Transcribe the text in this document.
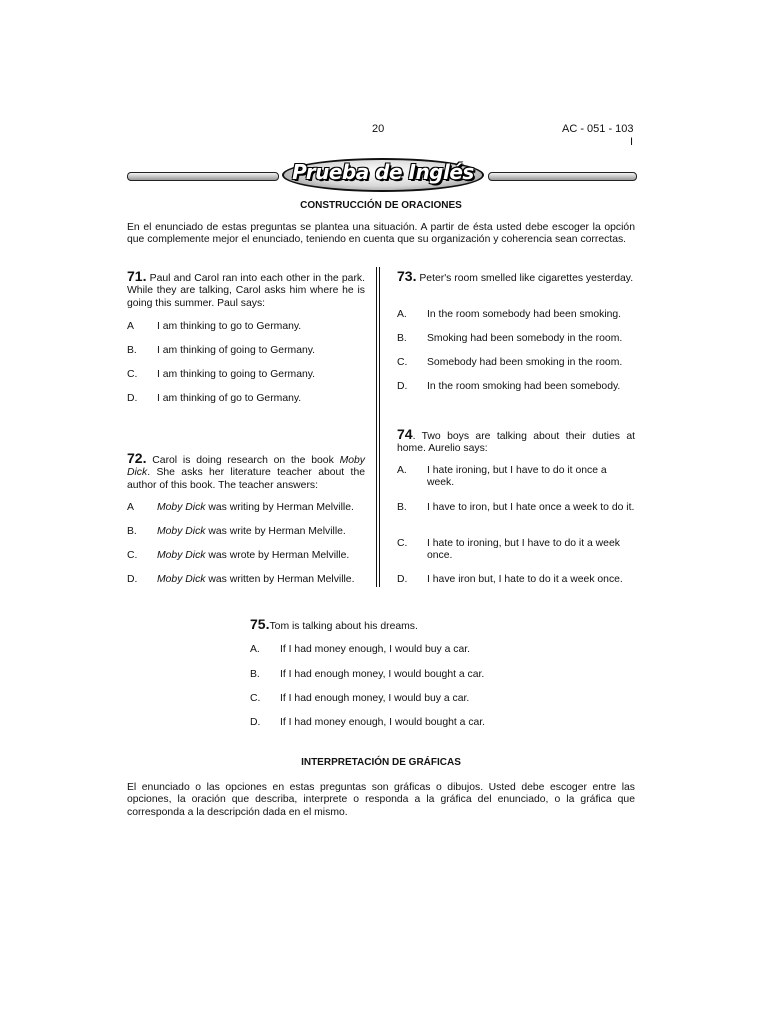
20	AC - 051 - 103
I
Prueba de Inglés
CONSTRUCCIÓN DE ORACIONES
En el enunciado de estas preguntas se plantea una situación. A partir de ésta usted debe escoger la opción que complemente mejor el enunciado, teniendo en cuenta que su organización y coherencia sean correctas.
71. Paul and Carol ran into each other in the park. While they are talking, Carol asks him where he is going this summer. Paul says:
A I am thinking to go to Germany.
B. I am thinking of going to Germany.
C. I am thinking to going to Germany.
D. I am thinking of go to Germany.
72. Carol is doing research on the book Moby Dick. She asks her literature teacher about the author of this book. The teacher answers:
A Moby Dick was writing by Herman Melville.
B. Moby Dick was write by Herman Melville.
C. Moby Dick was wrote by Herman Melville.
D. Moby Dick was written by Herman Melville.
73. Peter's room smelled like cigarettes yesterday.
A. In the room somebody had been smoking.
B. Smoking had been somebody in the room.
C. Somebody had been smoking in the room.
D. In the room smoking had been somebody.
74. Two boys are talking about their duties at home. Aurelio says:
A. I hate ironing, but I have to do it once a week.
B. I have to iron, but I hate once a week to do it.
C. I hate to ironing, but I have to do it a week once.
D. I have iron but, I hate to do it a week once.
75.Tom is talking about his dreams.
A. If I had money enough, I would buy a car.
B. If I had enough money, I would bought a car.
C. If I had enough money, I would buy a car.
D. If I had money enough, I would bought a car.
INTERPRETACIÓN DE GRÁFICAS
El enunciado o las opciones en estas preguntas son gráficas o dibujos. Usted debe escoger entre las opciones, la oración que describa, interprete o responda a la gráfica del enunciado, o la gráfica que corresponda a la descripción dada en el mismo.
